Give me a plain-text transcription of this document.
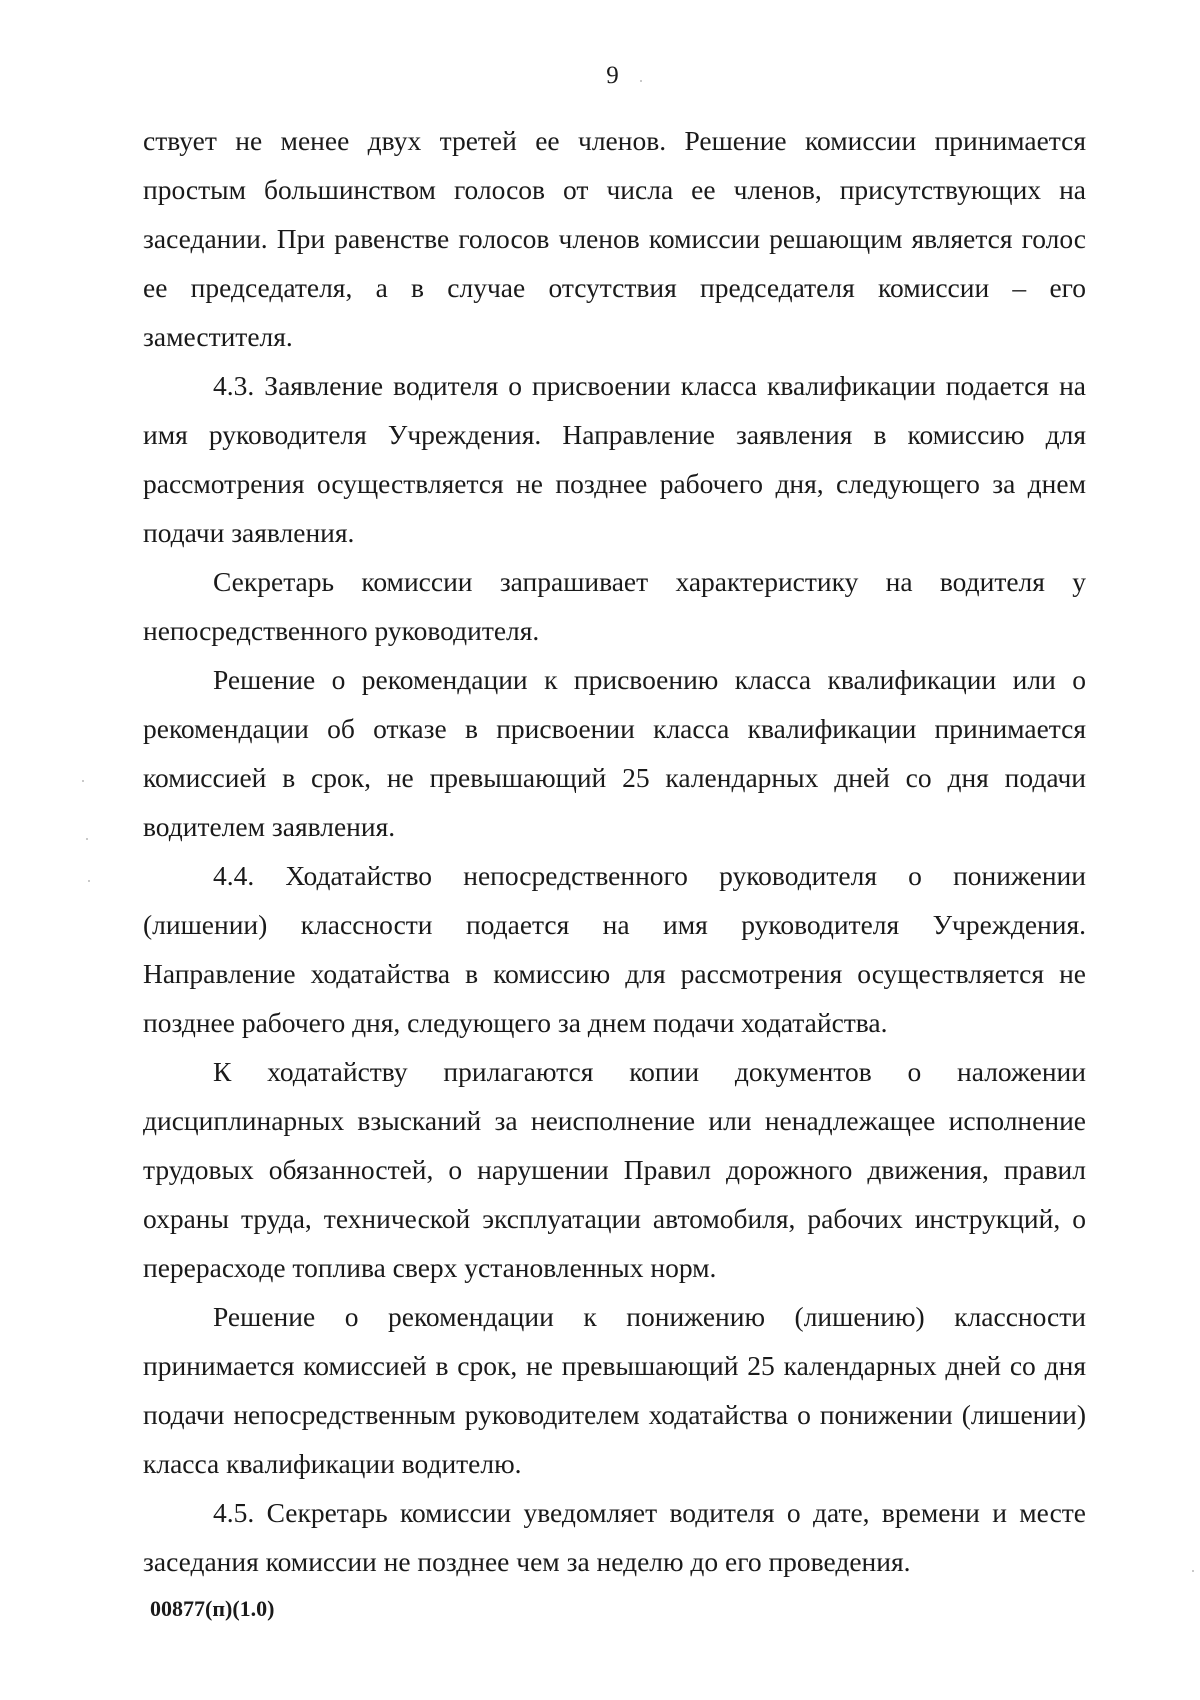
9

ствует не менее двух третей ее членов. Решение комиссии принимается простым большинством голосов от числа ее членов, присутствующих на заседании. При равенстве голосов членов комиссии решающим является голос ее председателя, а в случае отсутствия председателя комиссии – его заместителя.

4.3. Заявление водителя о присвоении класса квалификации подается на имя руководителя Учреждения. Направление заявления в комиссию для рассмотрения осуществляется не позднее рабочего дня, следующего за днем подачи заявления.

Секретарь комиссии запрашивает характеристику на водителя у непосредственного руководителя.

Решение о рекомендации к присвоению класса квалификации или о рекомендации об отказе в присвоении класса квалификации принимается комиссией в срок, не превышающий 25 календарных дней со дня подачи водителем заявления.

4.4. Ходатайство непосредственного руководителя о понижении (лишении) классности подается на имя руководителя Учреждения. Направление ходатайства в комиссию для рассмотрения осуществляется не позднее рабочего дня, следующего за днем подачи ходатайства.

К ходатайству прилагаются копии документов о наложении дисциплинарных взысканий за неисполнение или ненадлежащее исполнение трудовых обязанностей, о нарушении Правил дорожного движения, правил охраны труда, технической эксплуатации автомобиля, рабочих инструкций, о перерасходе топлива сверх установленных норм.

Решение о рекомендации к понижению (лишению) классности принимается комиссией в срок, не превышающий 25 календарных дней со дня подачи непосредственным руководителем ходатайства о понижении (лишении) класса квалификации водителю.

4.5. Секретарь комиссии уведомляет водителя о дате, времени и месте заседания комиссии не позднее чем за неделю до его проведения.

00877(п)(1.0)
